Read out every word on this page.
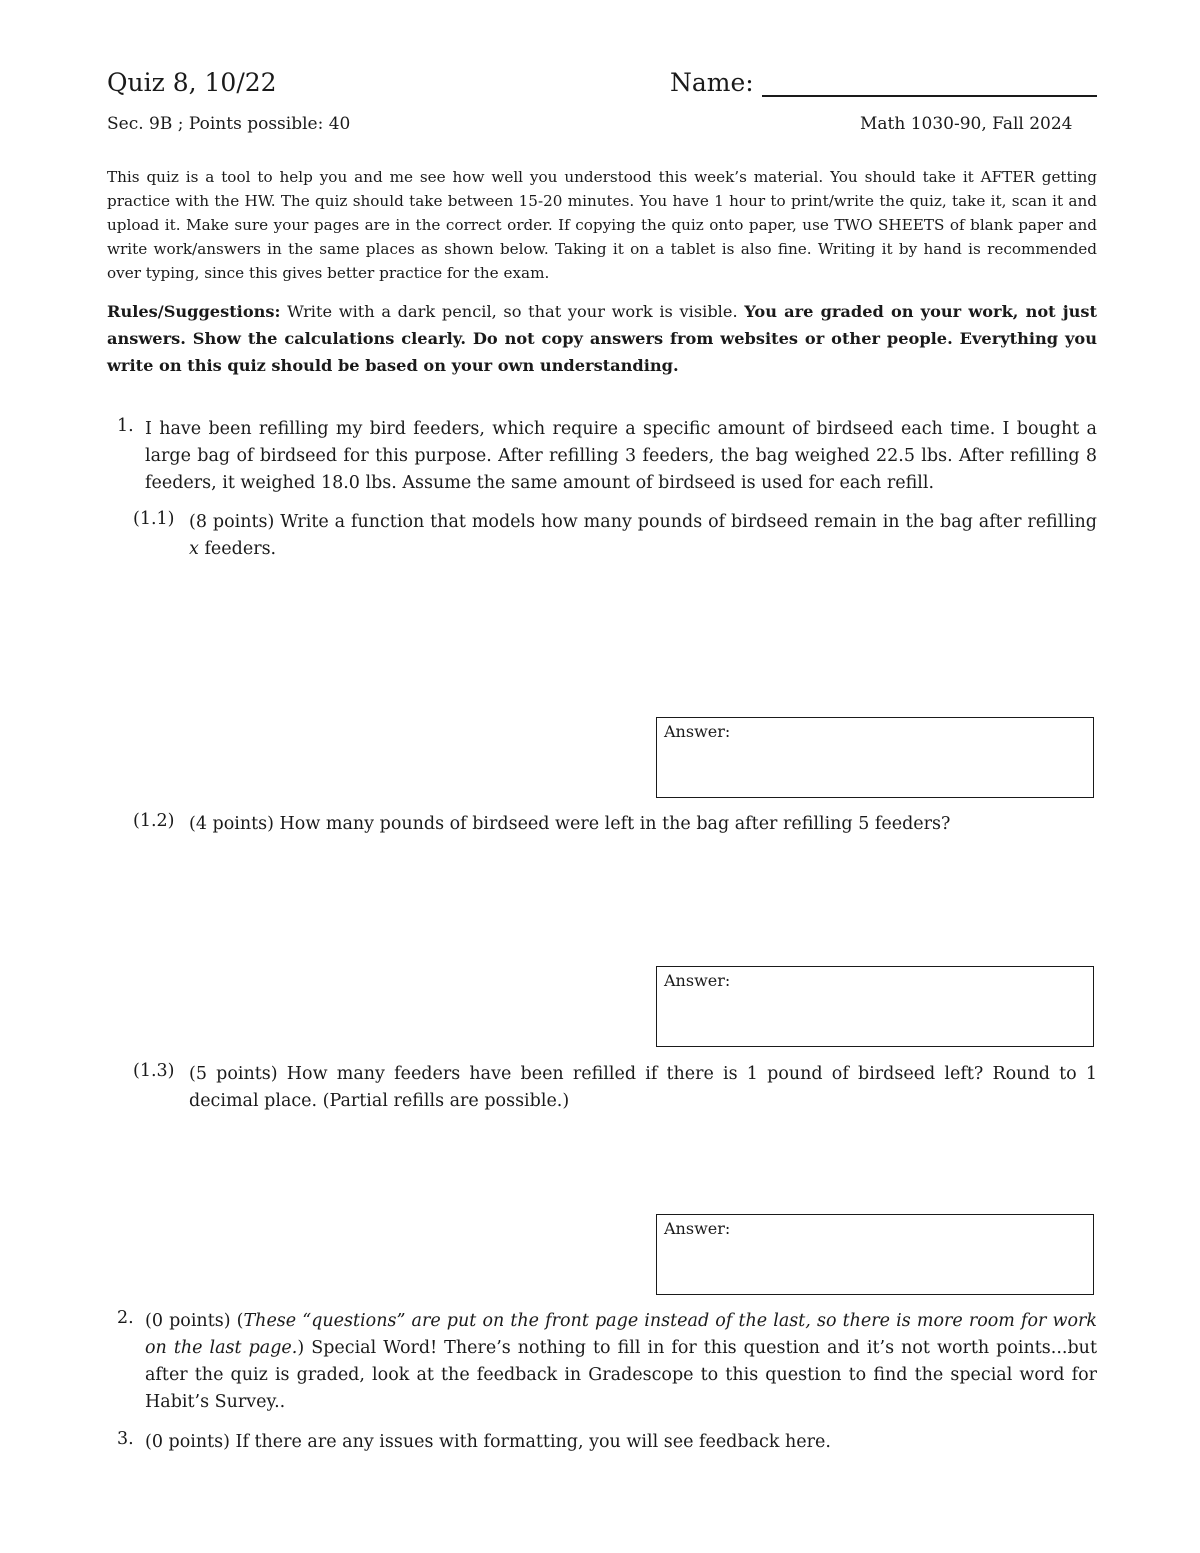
Quiz 8, 10/22	Name:
Sec. 9B ; Points possible: 40	Math 1030-90, Fall 2024
This quiz is a tool to help you and me see how well you understood this week’s material. You should take it AFTER getting practice with the HW. The quiz should take between 15-20 minutes. You have 1 hour to print/write the quiz, take it, scan it and upload it. Make sure your pages are in the correct order. If copying the quiz onto paper, use TWO SHEETS of blank paper and write work/answers in the same places as shown below. Taking it on a tablet is also fine. Writing it by hand is recommended over typing, since this gives better practice for the exam.
Rules/Suggestions: Write with a dark pencil, so that your work is visible. You are graded on your work, not just answers. Show the calculations clearly. Do not copy answers from websites or other people. Everything you write on this quiz should be based on your own understanding.
1. I have been refilling my bird feeders, which require a specific amount of birdseed each time. I bought a large bag of birdseed for this purpose. After refilling 3 feeders, the bag weighed 22.5 lbs. After refilling 8 feeders, it weighed 18.0 lbs. Assume the same amount of birdseed is used for each refill.
(1.1) (8 points) Write a function that models how many pounds of birdseed remain in the bag after refilling x feeders.
Answer:
(1.2) (4 points) How many pounds of birdseed were left in the bag after refilling 5 feeders?
Answer:
(1.3) (5 points) How many feeders have been refilled if there is 1 pound of birdseed left? Round to 1 decimal place. (Partial refills are possible.)
Answer:
2. (0 points) (These “questions” are put on the front page instead of the last, so there is more room for work on the last page.) Special Word! There’s nothing to fill in for this question and it’s not worth points...but after the quiz is graded, look at the feedback in Gradescope to this question to find the special word for Habit’s Survey..
3. (0 points) If there are any issues with formatting, you will see feedback here.
